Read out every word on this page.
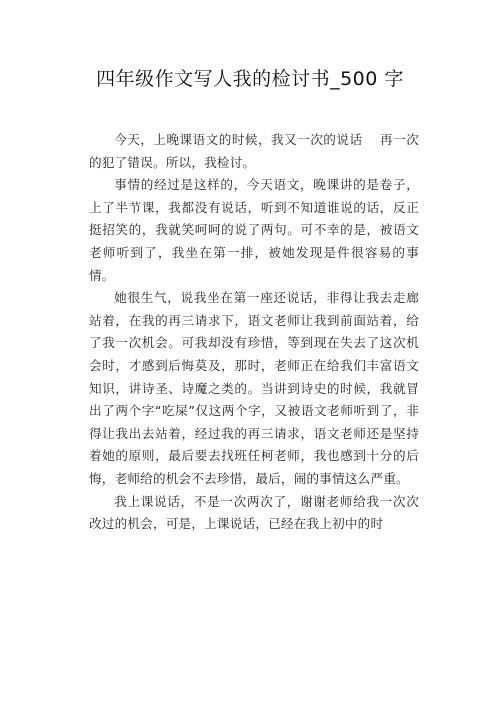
四年级作文写人我的检讨书_500 字

今天，上晚课语文的时候，我又一次的说话　 再一次的犯了错误。所以，我检讨。

事情的经过是这样的，今天语文，晚课讲的是卷子，上了半节课，我都没有说话，听到不知道谁说的话，反正挺招笑的，我就笑呵呵的说了两句。可不幸的是，被语文老师听到了，我坐在第一排，被她发现是件很容易的事情。

她很生气，说我坐在第一座还说话，非得让我去走廊站着，在我的再三请求下，语文老师让我到前面站着，给了我一次机会。可我却没有珍惜，等到现在失去了这次机会时，才感到后悔莫及，那时，老师正在给我们丰富语文知识，讲诗圣、诗魔之类的。当讲到诗史的时候，我就冒出了两个字“吃屎”仅这两个字，又被语文老师听到了，非得让我出去站着，经过我的再三请求，语文老师还是坚持着她的原则，最后要去找班任柯老师，我也感到十分的后悔，老师给的机会不去珍惜，最后，闹的事情这么严重。

我上课说话，不是一次两次了，谢谢老师给我一次次改过的机会，可是，上课说话，已经在我上初中的时
